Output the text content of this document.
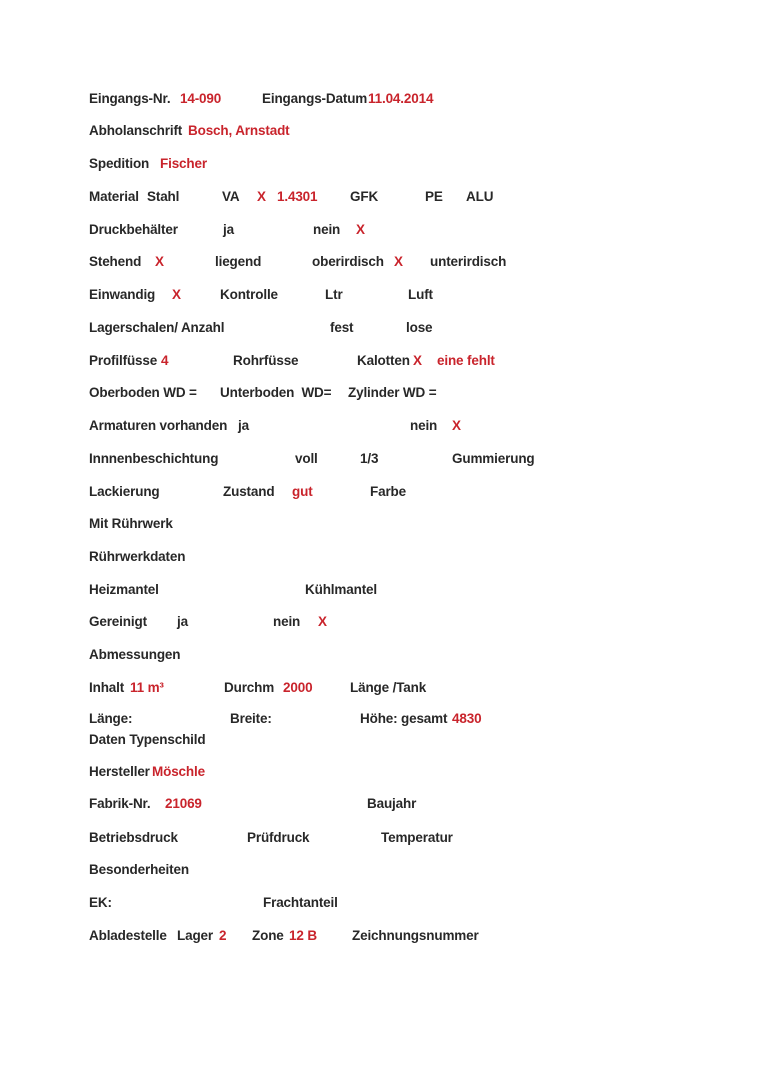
Eingangs-Nr. 14-090	Eingangs-Datum 11.04.2014
Abholanschrift Bosch, Arnstadt
Spedition Fischer
Material Stahl	VA X 1.4301 GFK	PE ALU
Druckbehälter	ja	nein X
Stehend X	liegend	oberirdisch X unterirdisch
Einwandig X	Kontrolle	Ltr	Luft
Lagerschalen/ Anzahl	fest	lose
Profilfüsse 4	Rohrfüsse	Kalotten X eine fehlt
Oberboden WD = Unterboden  WD= Zylinder WD =
Armaturen vorhanden ja	nein X
Innnenbeschichtung	voll	1/3	Gummierung
Lackierung	Zustand gut	Farbe
Mit Rührwerk
Rührwerkdaten
Heizmantel	Kühlmantel
Gereinigt ja	nein X
Abmessungen
Inhalt 11 m³	Durchm 2000	Länge /Tank
Länge:	Breite:	Höhe: gesamt 4830
Daten Typenschild
Hersteller Möschle
Fabrik-Nr. 21069	Baujahr
Betriebsdruck	Prüfdruck	Temperatur
Besonderheiten
EK:	Frachtanteil
Abladestelle Lager 2 Zone 12 B	Zeichnungsnummer
